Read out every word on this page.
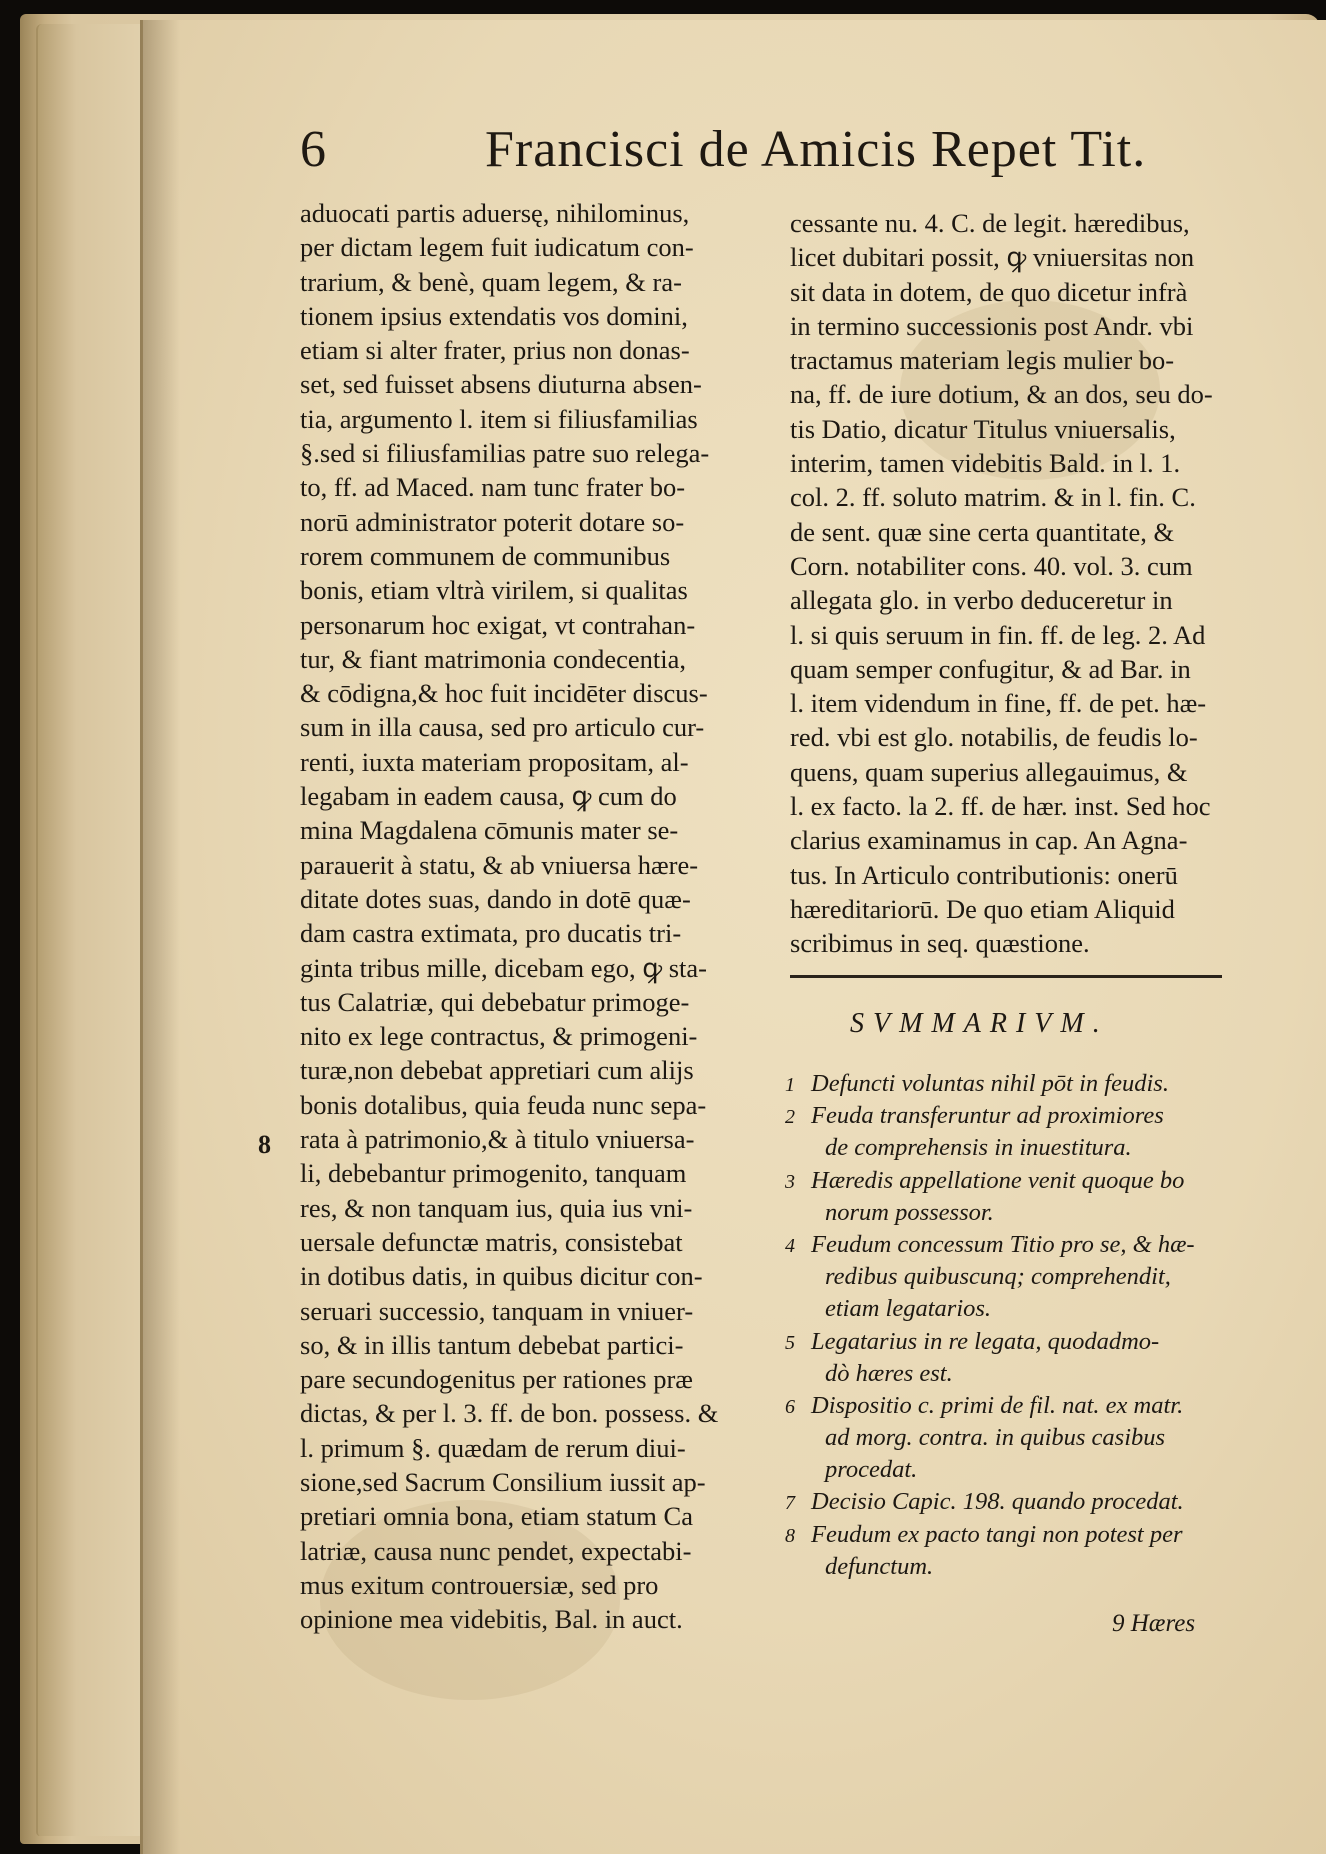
6	Francisci de Amicis Repet Tit.
aduocati partis aduersę, nihilominus,
per dictam legem fuit iudicatum con-
trarium, & benè, quam legem, & ra-
tionem ipsius extendatis vos domini,
etiam si alter frater, prius non donas-
set, sed fuisset absens diuturna absen-
tia, argumento l. item si filiusfamilias
§.sed si filiusfamilias patre suo relega-
to, ff. ad Maced. nam tunc frater bo-
norū administrator poterit dotare so-
rorem communem de communibus
bonis, etiam vltrà virilem, si qualitas
personarum hoc exigat, vt contrahan-
tur, & fiant matrimonia condecentia,
& cōdigna,& hoc fuit incidēter discus-
sum in illa causa, sed pro articulo cur-
renti, iuxta materiam propositam, al-
legabam in eadem causa, ꝙ cum do
mina Magdalena cōmunis mater se-
parauerit à statu, & ab vniuersa hære-
ditate dotes suas, dando in dotē quæ-
dam castra extimata, pro ducatis tri-
ginta tribus mille, dicebam ego, ꝙ sta-
tus Calatriæ, qui debebatur primoge-
nito ex lege contractus, & primogeni-
turæ,non debebat appretiari cum alijs
bonis dotalibus, quia feuda nunc sepa-
rata à patrimonio,& à titulo vniuersa-
li, debebantur primogenito, tanquam
res, & non tanquam ius, quia ius vni-
uersale defunctæ matris, consistebat
in dotibus datis, in quibus dicitur con-
seruari successio, tanquam in vniuer-
so, & in illis tantum debebat partici-
pare secundogenitus per rationes præ
dictas, & per l. 3. ff. de bon. possess. &
l. primum §. quædam de rerum diui-
sione,sed Sacrum Consilium iussit ap-
pretiari omnia bona, etiam statum Ca
latriæ, causa nunc pendet, expectabi-
mus exitum controuersiæ, sed pro
opinione mea videbitis, Bal. in auct.
cessante nu. 4. C. de legit. hæredibus,
licet dubitari possit, ꝙ vniuersitas non
sit data in dotem, de quo dicetur infrà
in termino successionis post Andr. vbi
tractamus materiam legis mulier bo-
na, ff. de iure dotium, & an dos, seu do-
tis Datio, dicatur Titulus vniuersalis,
interim, tamen videbitis Bald. in l. 1.
col. 2. ff. soluto matrim. & in l. fin. C.
de sent. quæ sine certa quantitate, &
Corn. notabiliter cons. 40. vol. 3. cum
allegata glo. in verbo deduceretur in
l. si quis seruum in fin. ff. de leg. 2. Ad
quam semper confugitur, & ad Bar. in
l. item videndum in fine, ff. de pet. hæ-
red. vbi est glo. notabilis, de feudis lo-
quens, quam superius allegauimus, &
l. ex facto. la 2. ff. de hær. inst. Sed hoc
clarius examinamus in cap. An Agna-
tus. In Articulo contributionis: onerū
hæreditariorū. De quo etiam Aliquid
scribimus in seq. quæstione.
8
SVMMARIVM.
1 Defuncti voluntas nihil pōt in feudis.
2 Feuda transferuntur ad proximiores
de comprehensis in inuestitura.
3 Hæredis appellatione venit quoque bo
norum possessor.
4 Feudum concessum Titio pro se, & hæ-
redibus quibuscunq; comprehendit,
etiam legatarios.
5 Legatarius in re legata, quodadmo-
dò hæres est.
6 Dispositio c. primi de fil. nat. ex matr.
ad morg. contra. in quibus casibus
procedat.
7 Decisio Capic. 198. quando procedat.
8 Feudum ex pacto tangi non potest per
defunctum.
9 Hæres
